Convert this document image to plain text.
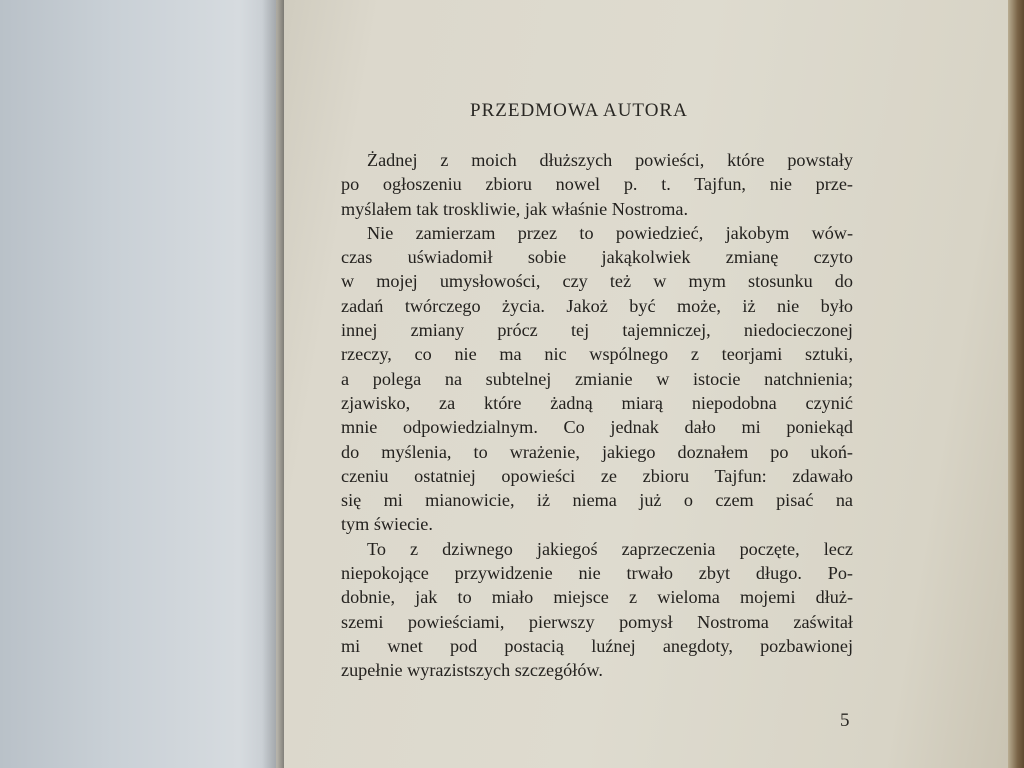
PRZEDMOWA AUTORA
Żadnej z moich dłuższych powieści, które powstały
po ogłoszeniu zbioru nowel p. t. Tajfun, nie prze-
myślałem tak troskliwie, jak właśnie Nostroma.
Nie zamierzam przez to powiedzieć, jakobym wów-
czas uświadomił sobie jakąkolwiek zmianę czyto
w mojej umysłowości, czy też w mym stosunku do
zadań twórczego życia. Jakoż być może, iż nie było
innej zmiany prócz tej tajemniczej, niedocieczonej
rzeczy, co nie ma nic wspólnego z teorjami sztuki,
a polega na subtelnej zmianie w istocie natchnienia;
zjawisko, za które żadną miarą niepodobna czynić
mnie odpowiedzialnym. Co jednak dało mi poniekąd
do myślenia, to wrażenie, jakiego doznałem po ukoń-
czeniu ostatniej opowieści ze zbioru Tajfun: zdawało
się mi mianowicie, iż niema już o czem pisać na
tym świecie.
To z dziwnego jakiegoś zaprzeczenia poczęte, lecz
niepokojące przywidzenie nie trwało zbyt długo. Po-
dobnie, jak to miało miejsce z wieloma mojemi dłuż-
szemi powieściami, pierwszy pomysł Nostroma zaświtał
mi wnet pod postacią luźnej anegdoty, pozbawionej
zupełnie wyrazistszych szczegółów.
5
